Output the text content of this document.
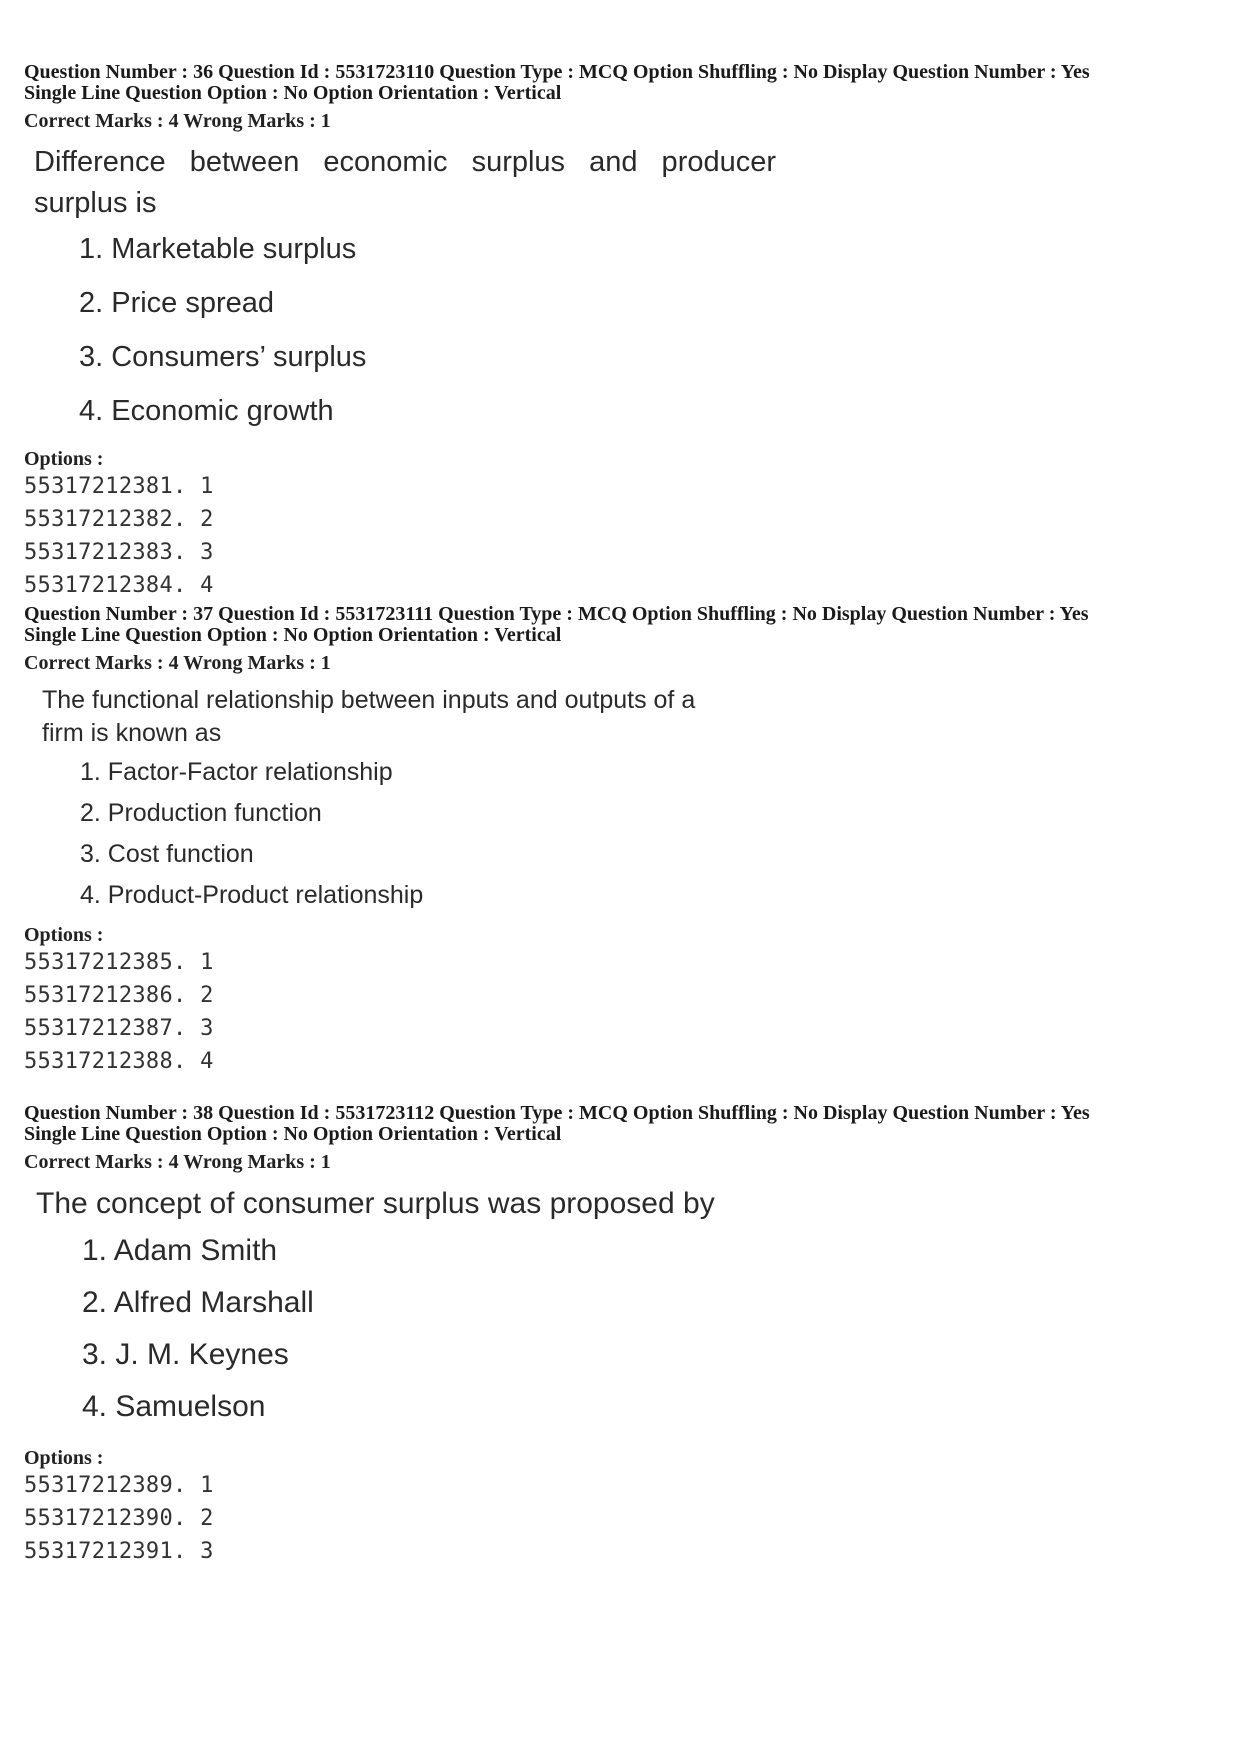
Question Number : 36 Question Id : 5531723110 Question Type : MCQ Option Shuffling : No Display Question Number : Yes
Single Line Question Option : No Option Orientation : Vertical
Correct Marks : 4 Wrong Marks : 1
Difference between economic surplus and producer
surplus is
1. Marketable surplus
2. Price spread
3. Consumers’ surplus
4. Economic growth
Options :
55317212381. 1
55317212382. 2
55317212383. 3
55317212384. 4
Question Number : 37 Question Id : 5531723111 Question Type : MCQ Option Shuffling : No Display Question Number : Yes
Single Line Question Option : No Option Orientation : Vertical
Correct Marks : 4 Wrong Marks : 1
The functional relationship between inputs and outputs of a
firm is known as
1. Factor-Factor relationship
2. Production function
3. Cost function
4. Product-Product relationship
Options :
55317212385. 1
55317212386. 2
55317212387. 3
55317212388. 4
Question Number : 38 Question Id : 5531723112 Question Type : MCQ Option Shuffling : No Display Question Number : Yes
Single Line Question Option : No Option Orientation : Vertical
Correct Marks : 4 Wrong Marks : 1
The concept of consumer surplus was proposed by
1. Adam Smith
2. Alfred Marshall
3. J. M. Keynes
4. Samuelson
Options :
55317212389. 1
55317212390. 2
55317212391. 3
